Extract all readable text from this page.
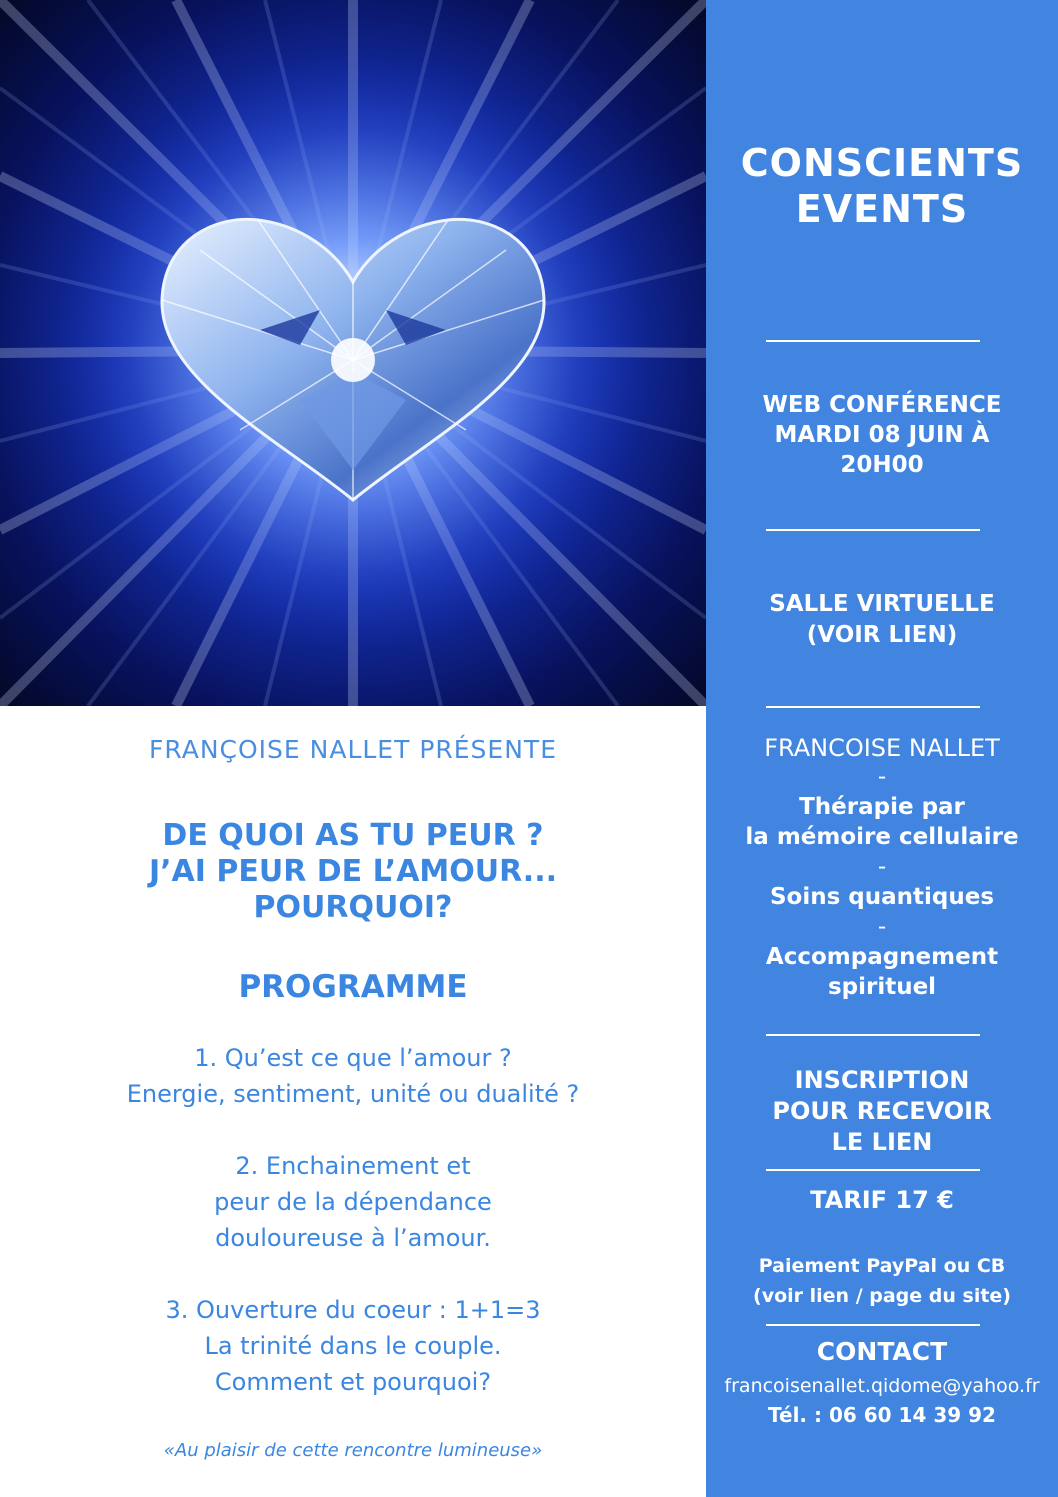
CONSCIENTS
EVENTS
WEB CONFÉRENCE
MARDI 08 JUIN À
20H00
SALLE VIRTUELLE
(VOIR LIEN)
FRANCOISE NALLET
-
Thérapie par
la mémoire cellulaire
-
Soins quantiques
-
Accompagnement
spirituel
INSCRIPTION
POUR RECEVOIR
LE LIEN
TARIF 17 €
Paiement PayPal ou CB
(voir lien / page du site)
CONTACT
francoisenallet.qidome@yahoo.fr
Tél. : 06 60 14 39 92
FRANÇOISE NALLET PRÉSENTE
DE QUOI AS TU PEUR ?
J’AI PEUR DE L’AMOUR...
POURQUOI?
PROGRAMME
1. Qu’est ce que l’amour ?
Energie, sentiment, unité ou dualité ?
2. Enchainement et
peur de la dépendance
douloureuse à l’amour.
3. Ouverture du coeur : 1+1=3
La trinité dans le couple.
Comment et pourquoi?
«Au plaisir de cette rencontre lumineuse»
